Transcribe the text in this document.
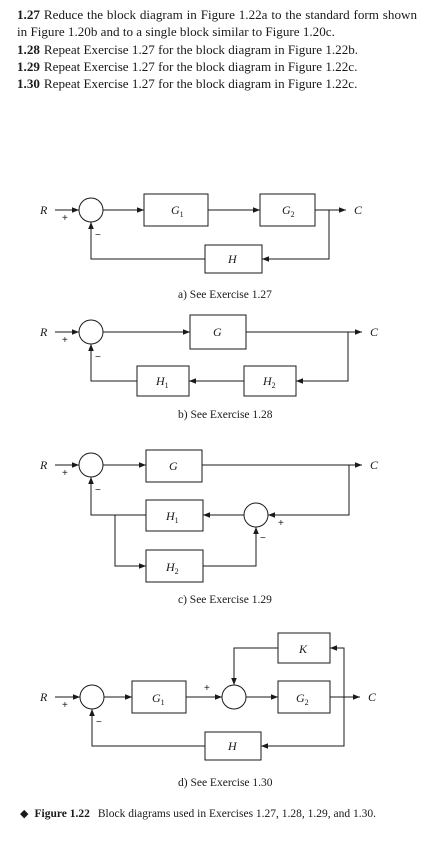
1.27 Reduce the block diagram in Figure 1.22a to the standard form shown in Figure 1.20b and to a single block similar to Figure 1.20c.

1.28 Repeat Exercise 1.27 for the block diagram in Figure 1.22b.

1.29 Repeat Exercise 1.27 for the block diagram in Figure 1.22c.

1.30 Repeat Exercise 1.27 for the block diagram in Figure 1.22c.

R
+
−
$G_1$	$G_2$
H
C
a) See Exercise 1.27
R
+
−
G
$H_1$	$H_2$
C
b) See Exercise 1.28
R
+
−
G
$H_1$
$H_2$
+
−
C
c) See Exercise 1.29
R
+
−
$G_1$
K
$G_2$
H
+
C
d) See Exercise 1.30
◆ Figure 1.22 Block diagrams used in Exercises 1.27, 1.28, 1.29, and 1.30.
